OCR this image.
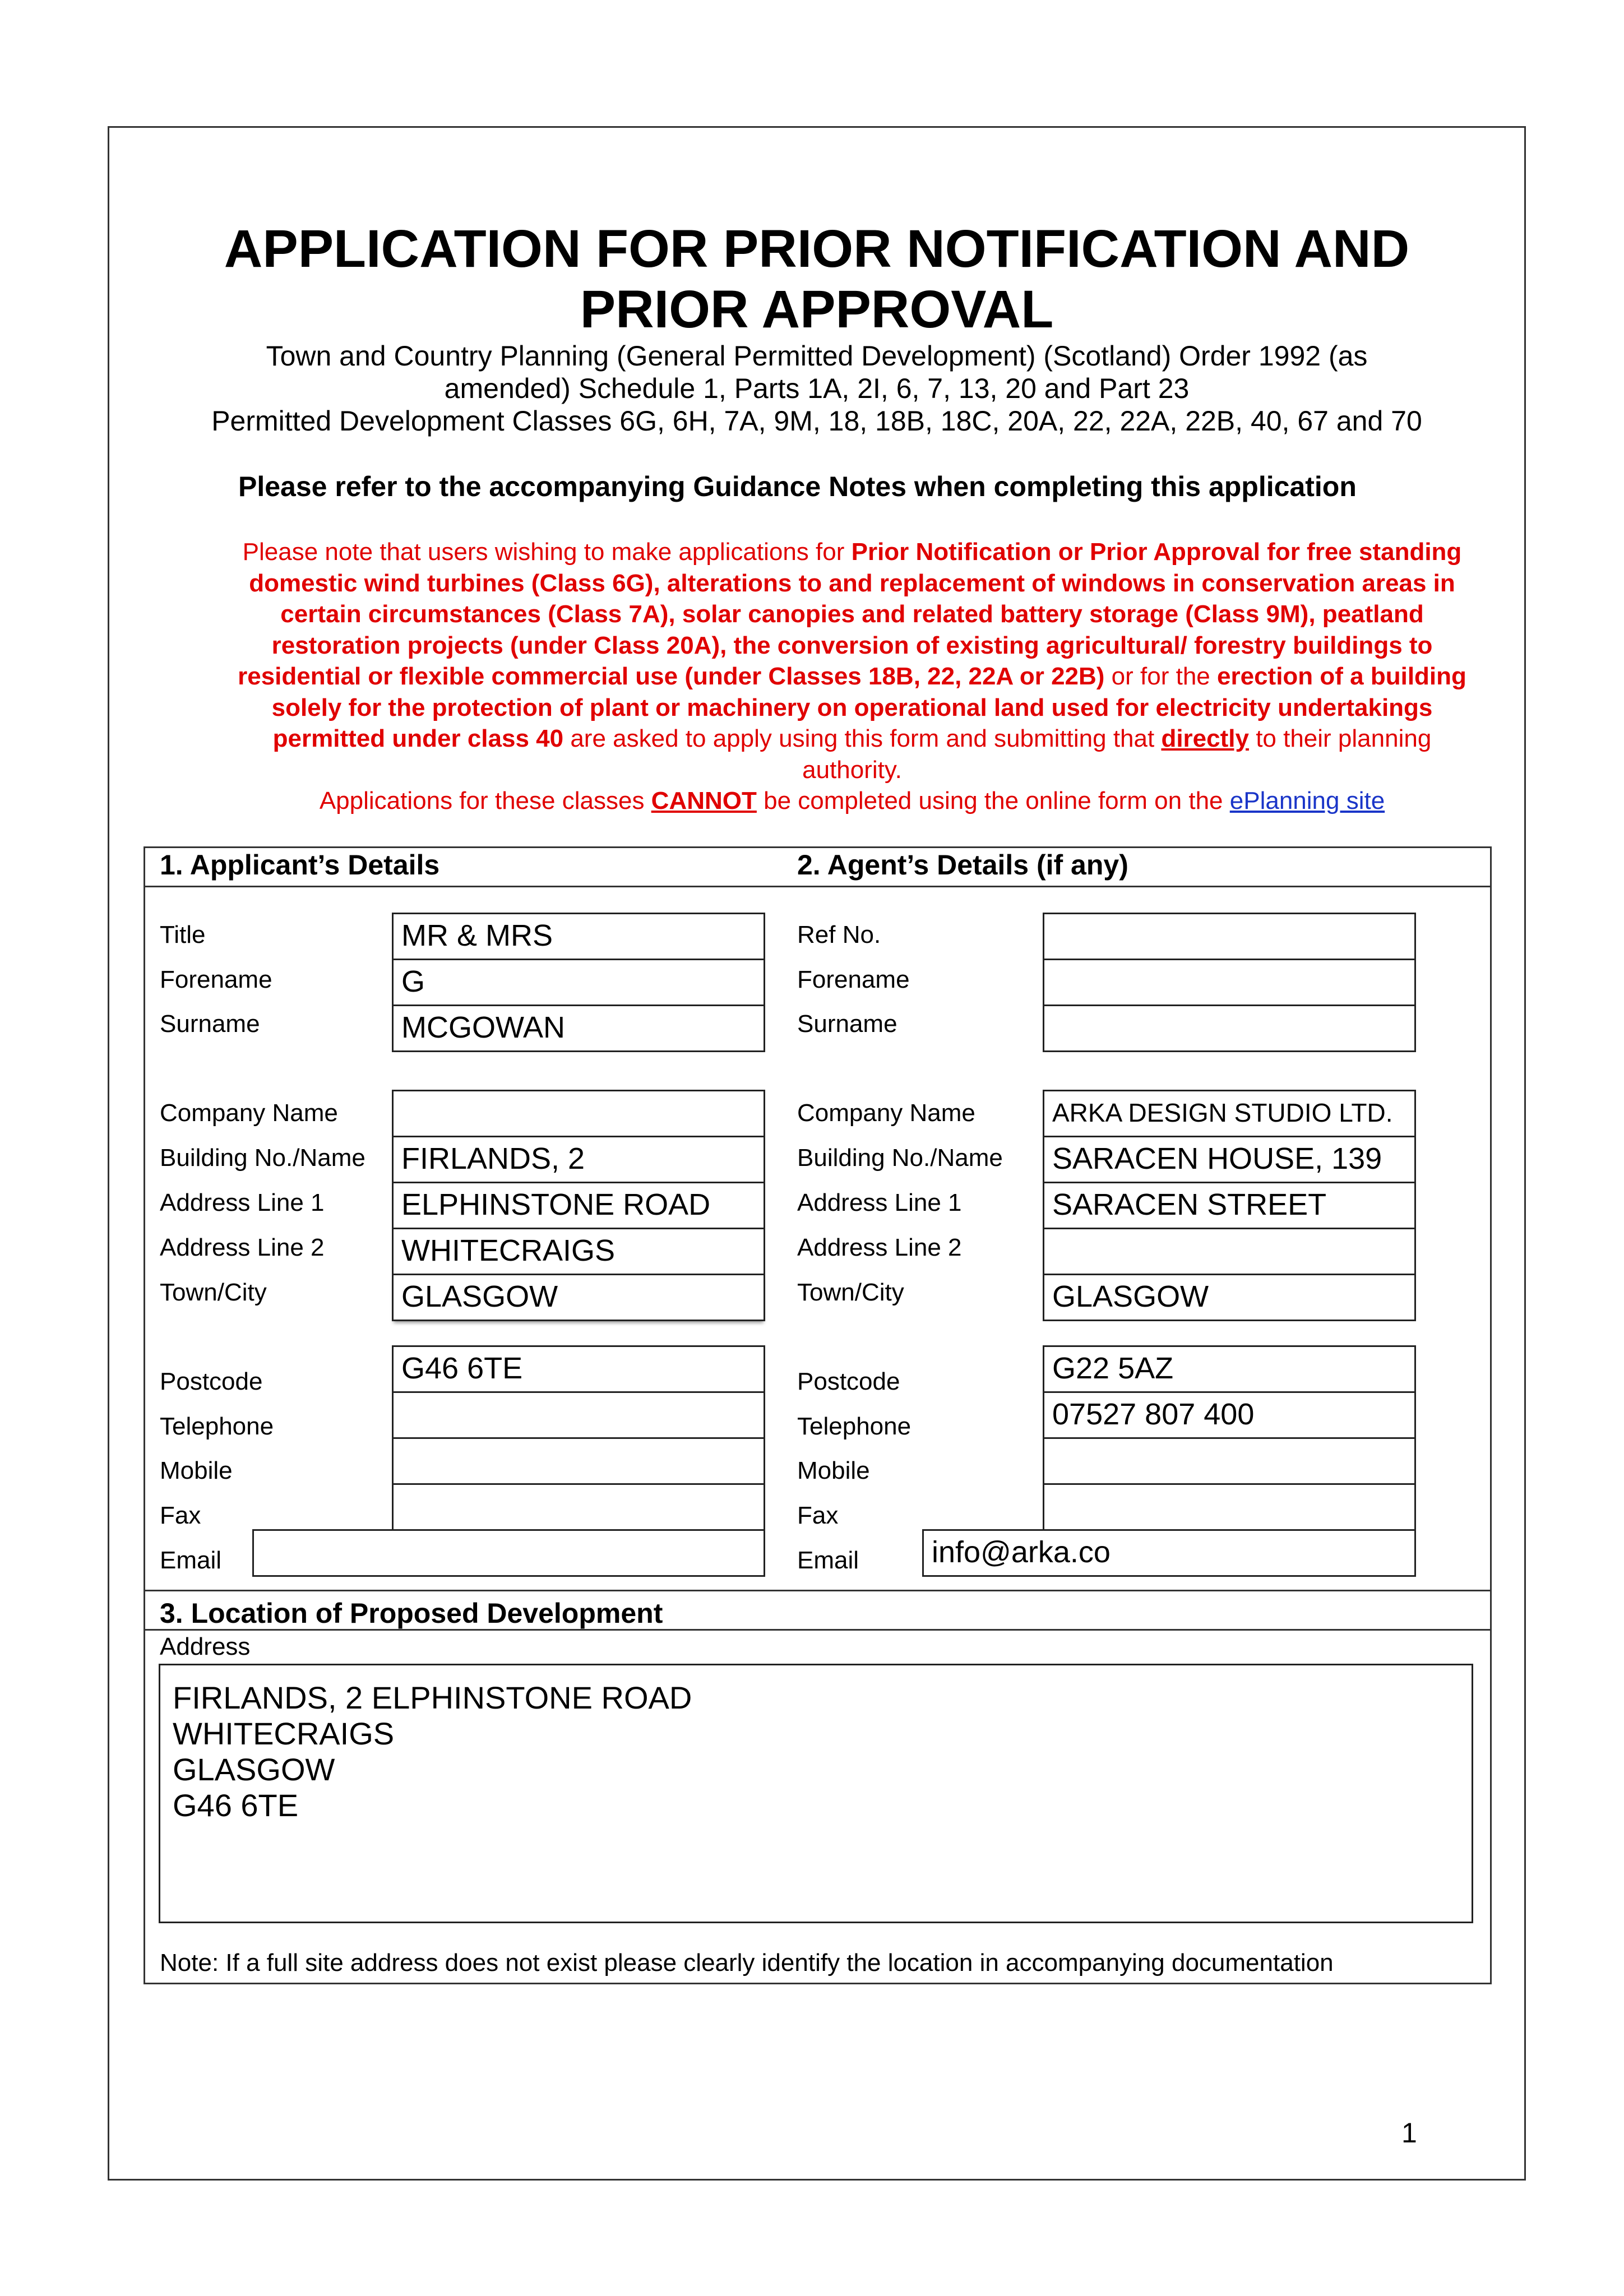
APPLICATION FOR PRIOR NOTIFICATION AND
PRIOR APPROVAL
Town and Country Planning (General Permitted Development) (Scotland) Order 1992 (as
amended) Schedule 1, Parts 1A, 2I, 6, 7, 13, 20 and Part 23
Permitted Development Classes 6G, 6H, 7A, 9M, 18, 18B, 18C, 20A, 22, 22A, 22B, 40, 67 and 70
Please refer to the accompanying Guidance Notes when completing this application
Please note that users wishing to make applications for Prior Notification or Prior Approval for free standing domestic wind turbines (Class 6G), alterations to and replacement of windows in conservation areas in certain circumstances (Class 7A), solar canopies and related battery storage (Class 9M), peatland restoration projects (under Class 20A), the conversion of existing agricultural/ forestry buildings to residential or flexible commercial use (under Classes 18B, 22, 22A or 22B) or for the erection of a building solely for the protection of plant or machinery on operational land used for electricity undertakings permitted under class 40 are asked to apply using this form and submitting that directly to their planning authority.
Applications for these classes CANNOT be completed using the online form on the ePlanning site
1. Applicant’s Details	2. Agent’s Details (if any)
Title
Forename
Surname
Company Name
Building No./Name
Address Line 1
Address Line 2
Town/City
Postcode
Telephone
Mobile
Fax
Email
MR & MRS
G
MCGOWAN
FIRLANDS, 2
ELPHINSTONE ROAD
WHITECRAIGS
GLASGOW
G46 6TE
Ref No.
Forename
Surname
Company Name
Building No./Name
Address Line 1
Address Line 2
Town/City
Postcode
Telephone
Mobile
Fax
Email
ARKA DESIGN STUDIO LTD.
SARACEN HOUSE, 139
SARACEN STREET
GLASGOW
G22 5AZ
07527 807 400
info@arka.co
3. Location of Proposed Development
Address
FIRLANDS, 2 ELPHINSTONE ROAD
WHITECRAIGS
GLASGOW
G46 6TE
Note: If a full site address does not exist please clearly identify the location in accompanying documentation
1
